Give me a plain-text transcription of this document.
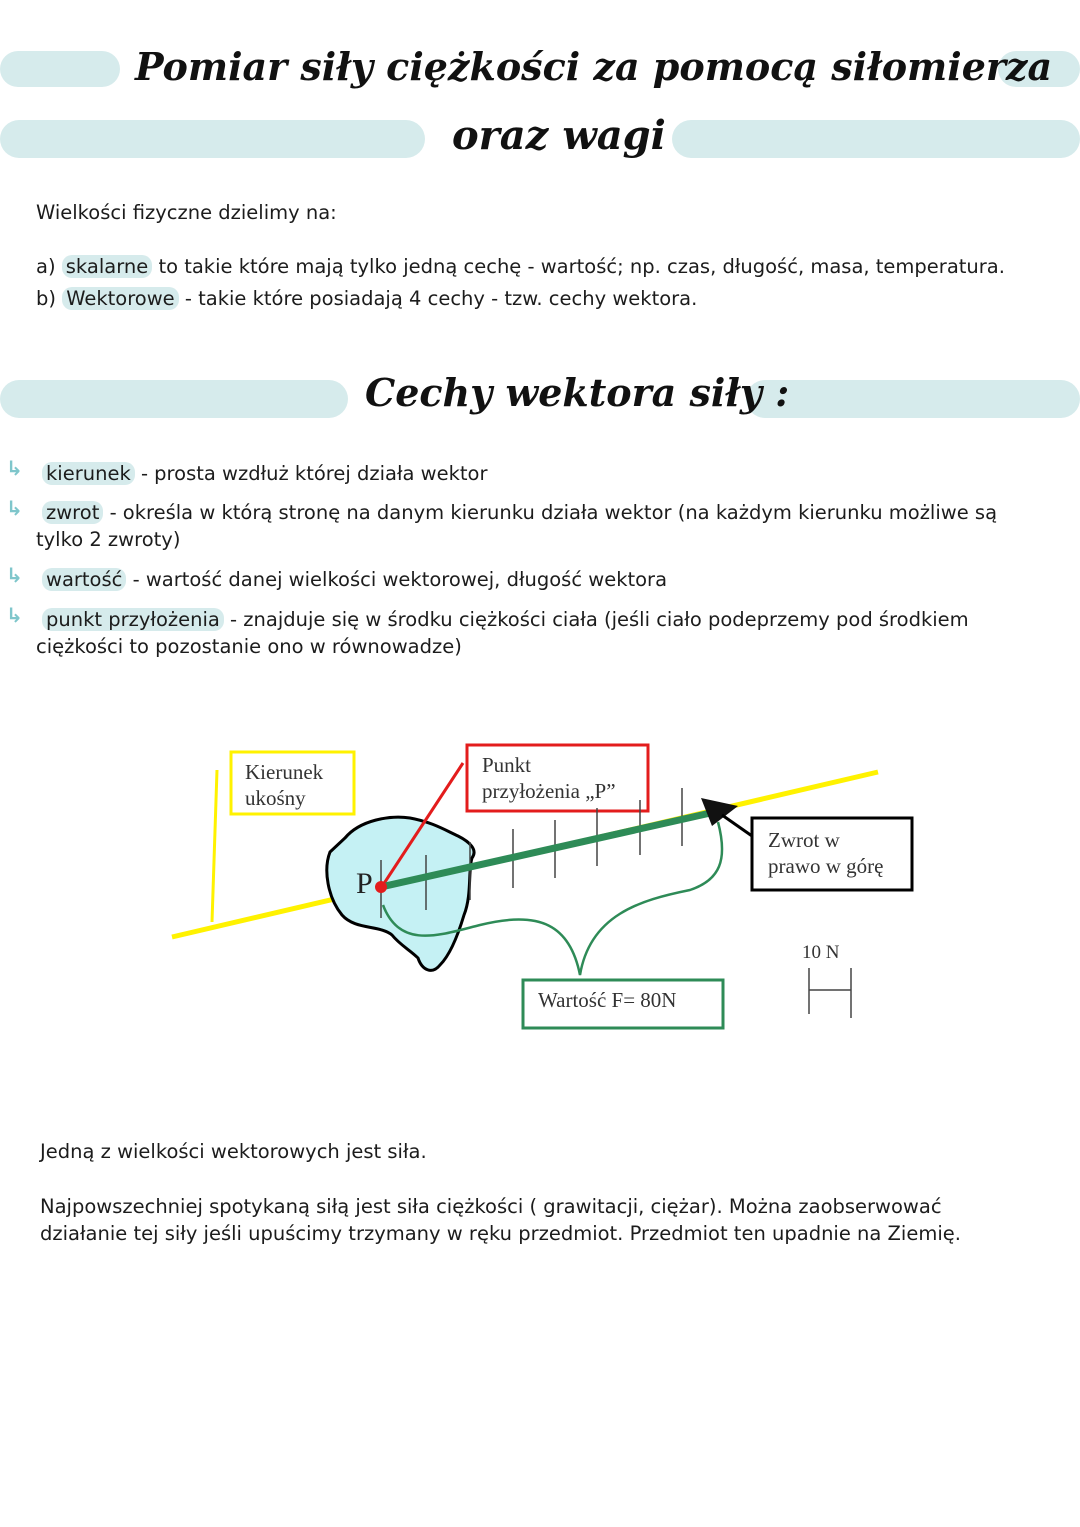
Pomiar siły ciężkości za pomocą siłomierza
oraz wagi
Wielkości fizyczne dzielimy na:
a) skalarne to takie które mają tylko jedną cechę - wartość; np. czas, długość, masa, temperatura.
b) Wektorowe - takie które posiadają 4 cechy - tzw. cechy wektora.
Cechy wektora siły :
↳ kierunek - prosta wzdłuż której działa wektor
↳ zwrot - określa w którą stronę na danym kierunku działa wektor (na każdym kierunku możliwe są
tylko 2 zwroty)
↳ wartość - wartość danej wielkości wektorowej, długość wektora
↳ punkt przyłożenia - znajduje się w środku ciężkości ciała (jeśli ciało podeprzemy pod środkiem
ciężkości to pozostanie ono w równowadze)
Kierunek
ukośny
Punkt
przyłożenia „P”
P
Zwrot w
prawo w górę
Wartość F= 80N
10 N
Jedną z wielkości wektorowych jest siła.
Najpowszechniej spotykaną siłą jest siła ciężkości ( grawitacji, ciężar). Można zaobserwować
działanie tej siły jeśli upuścimy trzymany w ręku przedmiot. Przedmiot ten upadnie na Ziemię.
